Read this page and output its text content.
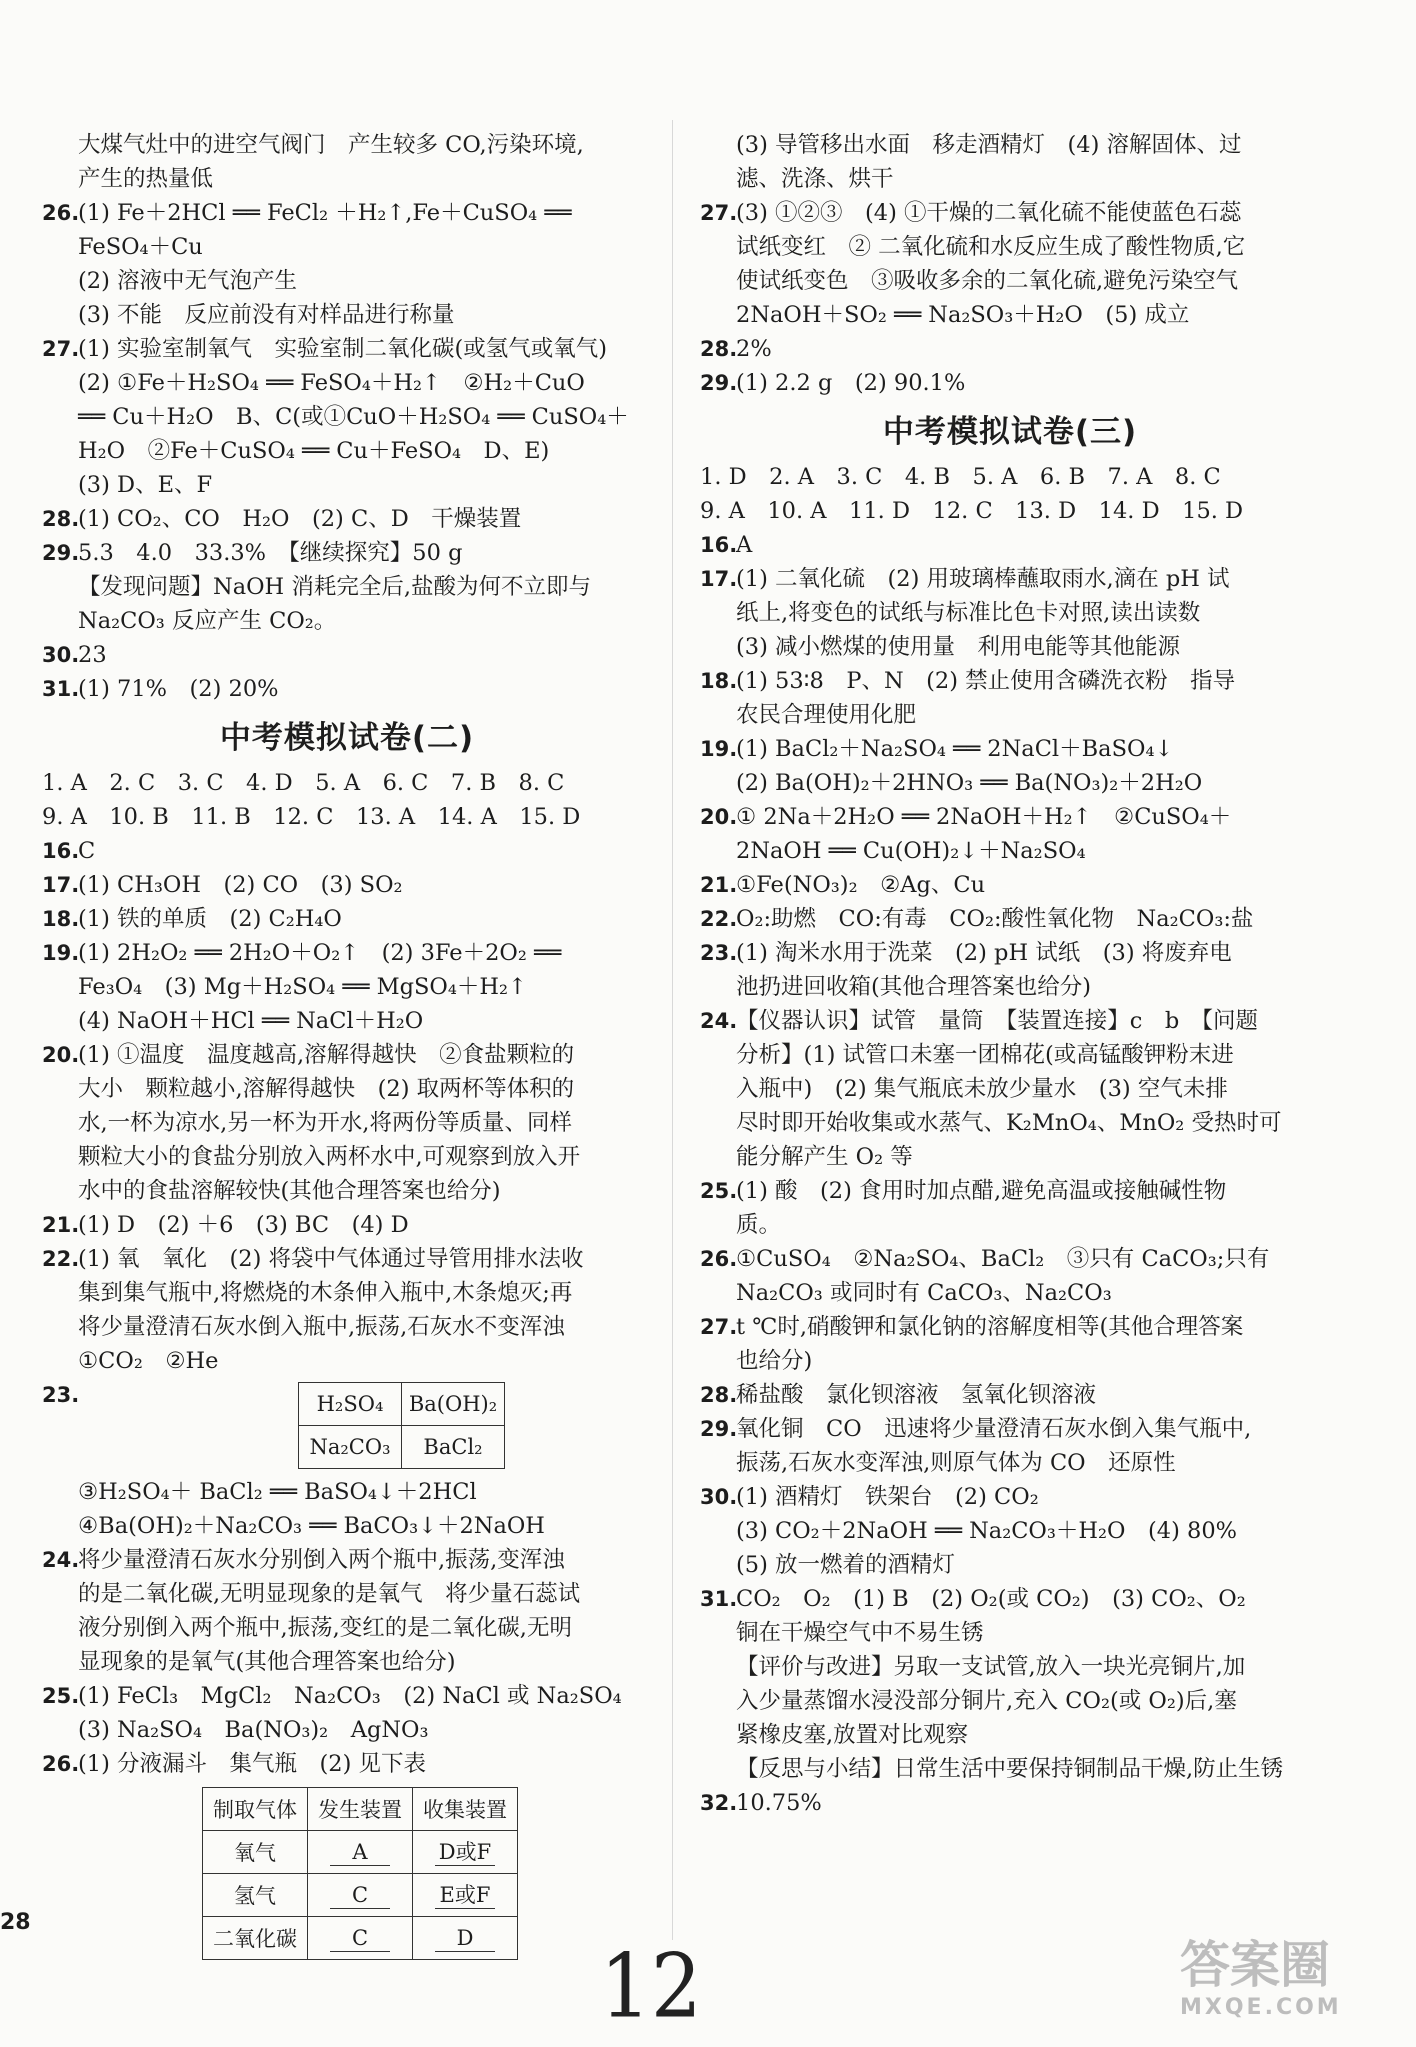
大煤气灶中的进空气阀门　产生较多 CO,污染环境,
产生的热量低
26.
(1) Fe＋2HCl ══ FeCl₂ ＋H₂↑,Fe＋CuSO₄ ══
FeSO₄＋Cu
(2) 溶液中无气泡产生
(3) 不能　反应前没有对样品进行称量
27.
(1) 实验室制氧气　实验室制二氧化碳(或氢气或氧气)
(2) ①Fe＋H₂SO₄ ══ FeSO₄＋H₂↑　②H₂＋CuO
══ Cu＋H₂O　B、C(或①CuO＋H₂SO₄ ══ CuSO₄＋
H₂O　②Fe＋CuSO₄ ══ Cu＋FeSO₄　D、E)
(3) D、E、F
28.
(1) CO₂、CO　H₂O　(2) C、D　干燥装置
29.
5.3　4.0　33.3%　【继续探究】50 g
【发现问题】NaOH 消耗完全后,盐酸为何不立即与
Na₂CO₃ 反应产生 CO₂。
30.
23
31.
(1) 71%　(2) 20%
中考模拟试卷(二)
1. A　2. C　3. C　4. D　5. A　6. C　7. B　8. C
9. A　10. B　11. B　12. C　13. A　14. A　15. D
16.
C
17.
(1) CH₃OH　(2) CO　(3) SO₂
18.
(1) 铁的单质　(2) C₂H₄O
19.
(1) 2H₂O₂ ══ 2H₂O＋O₂↑　(2) 3Fe＋2O₂ ══
Fe₃O₄　(3) Mg＋H₂SO₄ ══ MgSO₄＋H₂↑
(4) NaOH＋HCl ══ NaCl＋H₂O
20.
(1) ①温度　温度越高,溶解得越快　②食盐颗粒的
大小　颗粒越小,溶解得越快　(2) 取两杯等体积的
水,一杯为凉水,另一杯为开水,将两份等质量、同样
颗粒大小的食盐分别放入两杯水中,可观察到放入开
水中的食盐溶解较快(其他合理答案也给分)
21.
(1) D　(2) ＋6　(3) BC　(4) D
22.
(1) 氧　氧化　(2) 将袋中气体通过导管用排水法收
集到集气瓶中,将燃烧的木条伸入瓶中,木条熄灭;再
将少量澄清石灰水倒入瓶中,振荡,石灰水不变浑浊
①CO₂　②He
23.	H₂SO₄	Ba(OH)₂
Na₂CO₃	BaCl₂
③H₂SO₄＋ BaCl₂ ══ BaSO₄↓＋2HCl
④Ba(OH)₂＋Na₂CO₃ ══ BaCO₃↓＋2NaOH
24.
将少量澄清石灰水分别倒入两个瓶中,振荡,变浑浊
的是二氧化碳,无明显现象的是氧气　将少量石蕊试
液分别倒入两个瓶中,振荡,变红的是二氧化碳,无明
显现象的是氧气(其他合理答案也给分)
25.
(1) FeCl₃　MgCl₂　Na₂CO₃　(2) NaCl 或 Na₂SO₄
(3) Na₂SO₄　Ba(NO₃)₂　AgNO₃
26.
(1) 分液漏斗　集气瓶　(2) 见下表
制取气体	发生装置	收集装置
氧气	A	D或F
氢气	C	E或F
二氧化碳	C	D
(3) 导管移出水面　移走酒精灯　(4) 溶解固体、过
滤、洗涤、烘干
27.
(3) ①②③　(4) ①干燥的二氧化硫不能使蓝色石蕊
试纸变红　② 二氧化硫和水反应生成了酸性物质,它
使试纸变色　③吸收多余的二氧化硫,避免污染空气
2NaOH＋SO₂ ══ Na₂SO₃＋H₂O　(5) 成立
28.
2%
29.
(1) 2.2 g　(2) 90.1%
中考模拟试卷(三)
1. D　2. A　3. C　4. B　5. A　6. B　7. A　8. C
9. A　10. A　11. D　12. C　13. D　14. D　15. D
16.
A
17.
(1) 二氧化硫　(2) 用玻璃棒蘸取雨水,滴在 pH 试
纸上,将变色的试纸与标准比色卡对照,读出读数
(3) 减小燃煤的使用量　利用电能等其他能源
18.
(1) 53∶8　P、N　(2) 禁止使用含磷洗衣粉　指导
农民合理使用化肥
19.
(1) BaCl₂＋Na₂SO₄ ══ 2NaCl＋BaSO₄↓
(2) Ba(OH)₂＋2HNO₃ ══ Ba(NO₃)₂＋2H₂O
20.
① 2Na＋2H₂O ══ 2NaOH＋H₂↑　②CuSO₄＋
2NaOH ══ Cu(OH)₂↓＋Na₂SO₄
21.
①Fe(NO₃)₂　②Ag、Cu
22.
O₂:助燃　CO:有毒　CO₂:酸性氧化物　Na₂CO₃:盐
23.
(1) 淘米水用于洗菜　(2) pH 试纸　(3) 将废弃电
池扔进回收箱(其他合理答案也给分)
24.
【仪器认识】试管　量筒　【装置连接】c　b　【问题
分析】(1) 试管口未塞一团棉花(或高锰酸钾粉末进
入瓶中)　(2) 集气瓶底未放少量水　(3) 空气未排
尽时即开始收集或水蒸气、K₂MnO₄、MnO₂ 受热时可
能分解产生 O₂ 等
25.
(1) 酸　(2) 食用时加点醋,避免高温或接触碱性物
质。
26.
①CuSO₄　②Na₂SO₄、BaCl₂　③只有 CaCO₃;只有
Na₂CO₃ 或同时有 CaCO₃、Na₂CO₃
27.
t ℃时,硝酸钾和氯化钠的溶解度相等(其他合理答案
也给分)
28.
稀盐酸　氯化钡溶液　氢氧化钡溶液
29.
氧化铜　CO　迅速将少量澄清石灰水倒入集气瓶中,
振荡,石灰水变浑浊,则原气体为 CO　还原性
30.
(1) 酒精灯　铁架台　(2) CO₂
(3) CO₂＋2NaOH ══ Na₂CO₃＋H₂O　(4) 80%
(5) 放一燃着的酒精灯
31.
CO₂　O₂　(1) B　(2) O₂(或 CO₂)　(3) CO₂、O₂
铜在干燥空气中不易生锈
【评价与改进】另取一支试管,放入一块光亮铜片,加
入少量蒸馏水浸没部分铜片,充入 CO₂(或 O₂)后,塞
紧橡皮塞,放置对比观察
【反思与小结】日常生活中要保持铜制品干燥,防止生锈
32.
10.75%
28
12	答案圈
MXQE.COM
